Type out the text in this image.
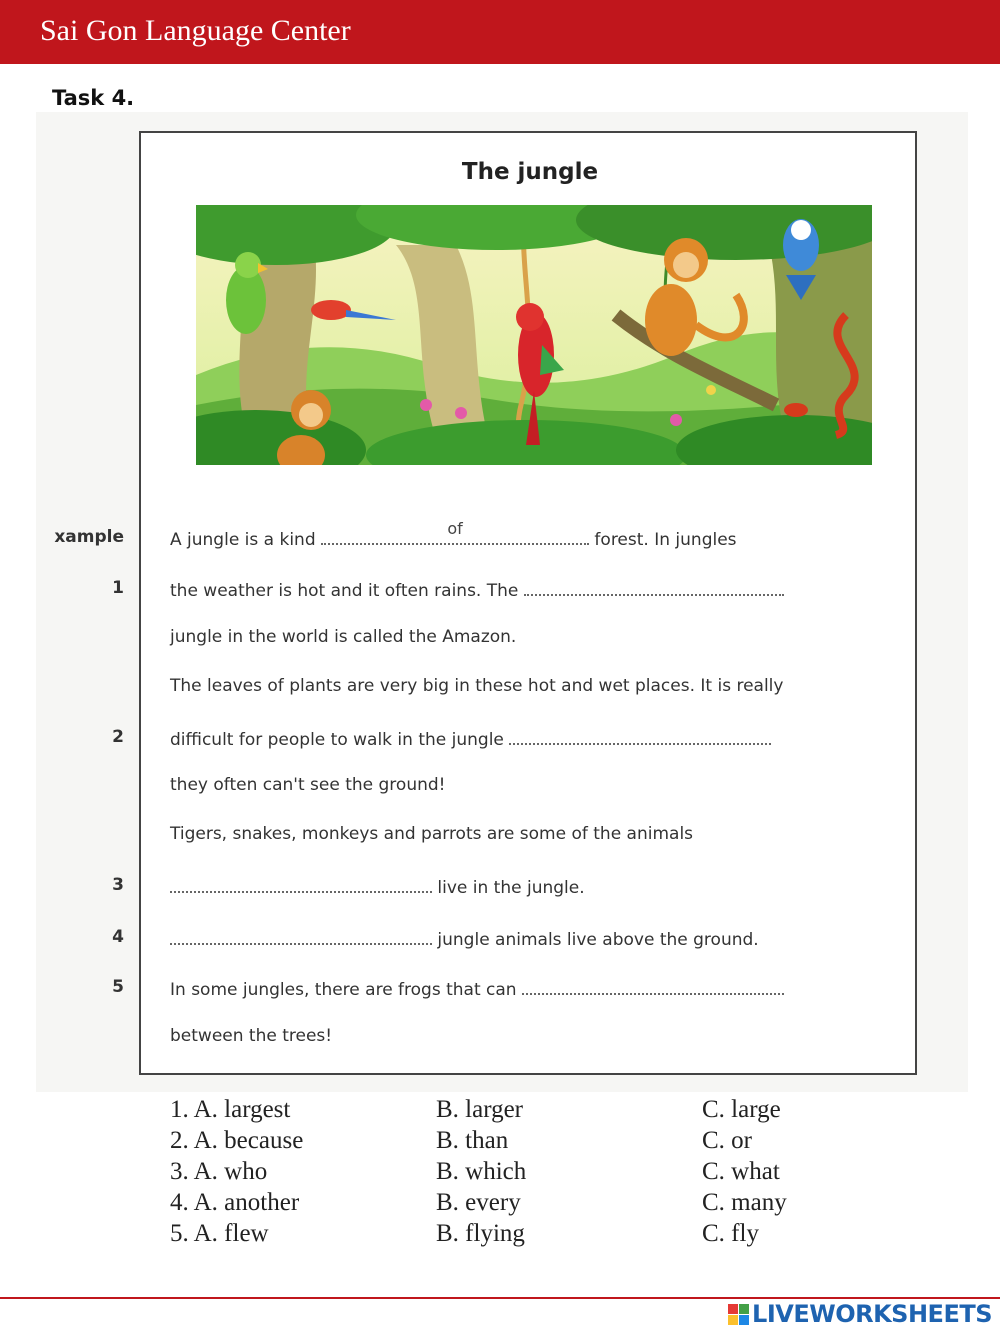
Sai Gon Language Center
Task 4.
The jungle
xample	A jungle is a kind
of
forest. In jungles
1	the weather is hot and it often rains. The
jungle in the world is called the Amazon.
The leaves of plants are very big in these hot and wet places. It is really
2	difficult for people to walk in the jungle
they often can't see the ground!
Tigers, snakes, monkeys and parrots are some of the animals
3	live in the jungle.
4	jungle animals live above the ground.
5	In some jungles, there are frogs that can
between the trees!
1. A. largest	B. larger	C. large
2. A. because	B. than	C. or
3. A. who	B. which	C. what
4. A. another	B. every	C. many
5. A. flew	B. flying	C. fly
LIVEWORKSHEETS
